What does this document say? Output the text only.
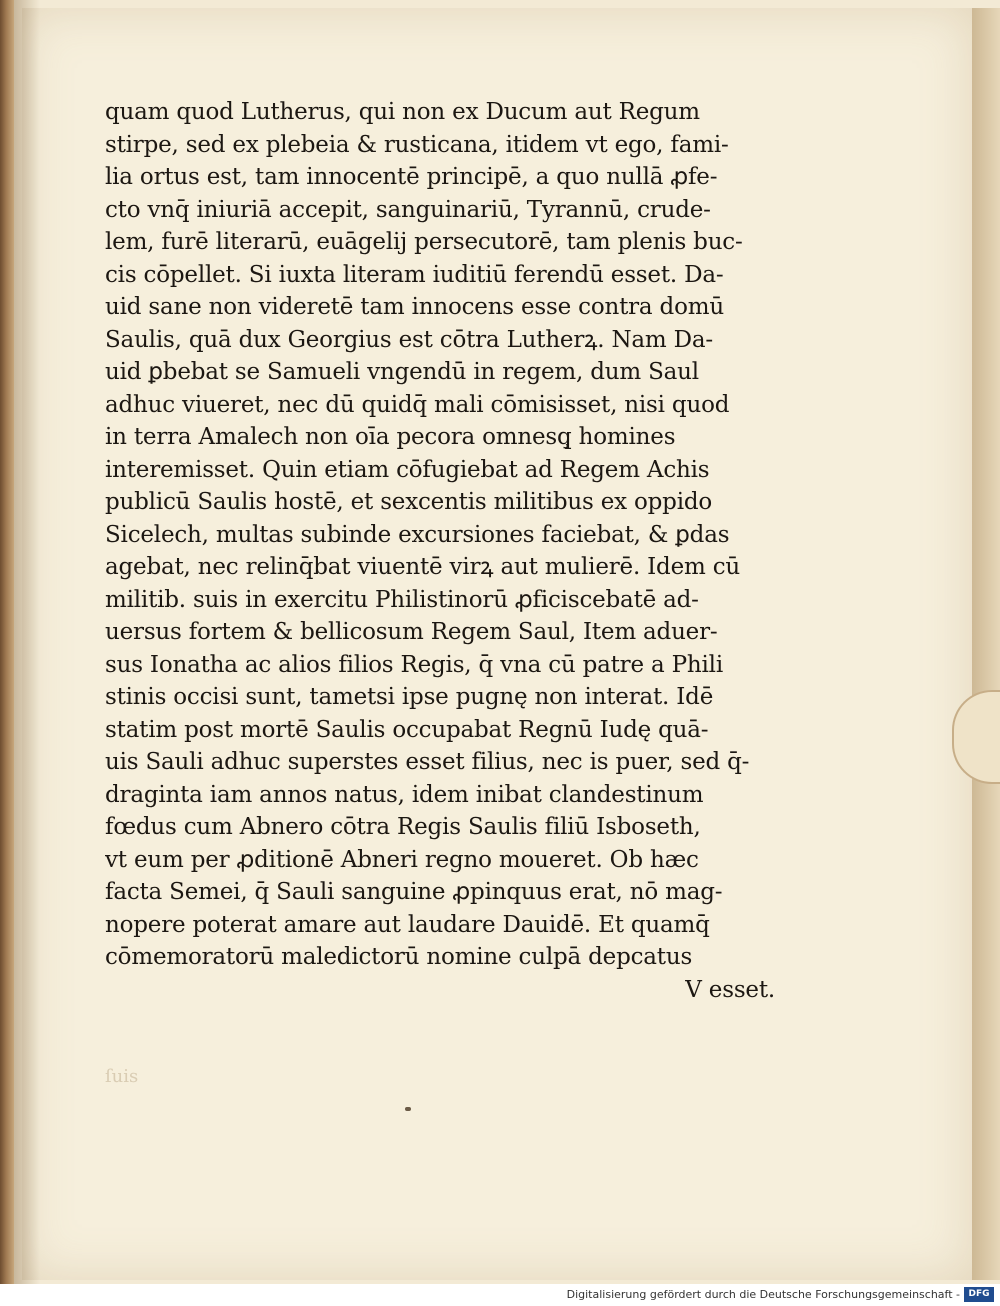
quam quod Lutherus, qui non ex Ducum aut Regum
stirpe, sed ex plebeia & rusticana, itidem vt ego, fami-
lia ortus est, tam innocentē principē, a quo nullā ꝓfe-
cto vnq̄ iniuriā accepit, sanguinariū, Tyrannū, crude-
lem, furē literarū, euāgelij persecutorē, tam plenis buc-
cis cōpellet. Si iuxta literam iuditiū ferendū esset. Da-
uid sane non videretē tam innocens esse contra domū
Saulis, quā dux Georgius est cōtra Lutherꝝ. Nam Da-
uid ꝑbebat se Samueli vngendū in regem, dum Saul
adhuc viueret, nec dū quidq̄ mali cōmisisset, nisi quod
in terra Amalech non oīa pecora omnesq̧ homines
interemisset. Quin etiam cōfugiebat ad Regem Achis
publicū Saulis hostē, et sexcentis militibus ex oppido
Sicelech, multas subinde excursiones faciebat, & ꝑdas
agebat, nec relinq̄bat viuentē virꝝ aut mulierē. Idem cū
militib. suis in exercitu Philistinorū ꝓficiscebatē ad-
uersus fortem & bellicosum Regem Saul, Item aduer-
sus Ionatha ac alios filios Regis, q̄ vna cū patre a Phili
stinis occisi sunt, tametsi ipse pugnę non interat. Idē
statim post mortē Saulis occupabat Regnū Iudę quā-
uis Sauli adhuc superstes esset filius, nec is puer, sed q̄-
draginta iam annos natus, idem inibat clandestinum
fœdus cum Abnero cōtra Regis Saulis filiū Isboseth,
vt eum per ꝓditionē Abneri regno moueret. Ob hæc
facta Semei, q̄ Sauli sanguine ꝓpinquus erat, nō mag-
nopere poterat amare aut laudare Dauidē. Et quamq̄
cōmemoratorū maledictorū nomine culpā depcatus
V esset.
ſuis
Digitalisierung gefördert durch die Deutsche Forschungsgemeinschaft - DFG
